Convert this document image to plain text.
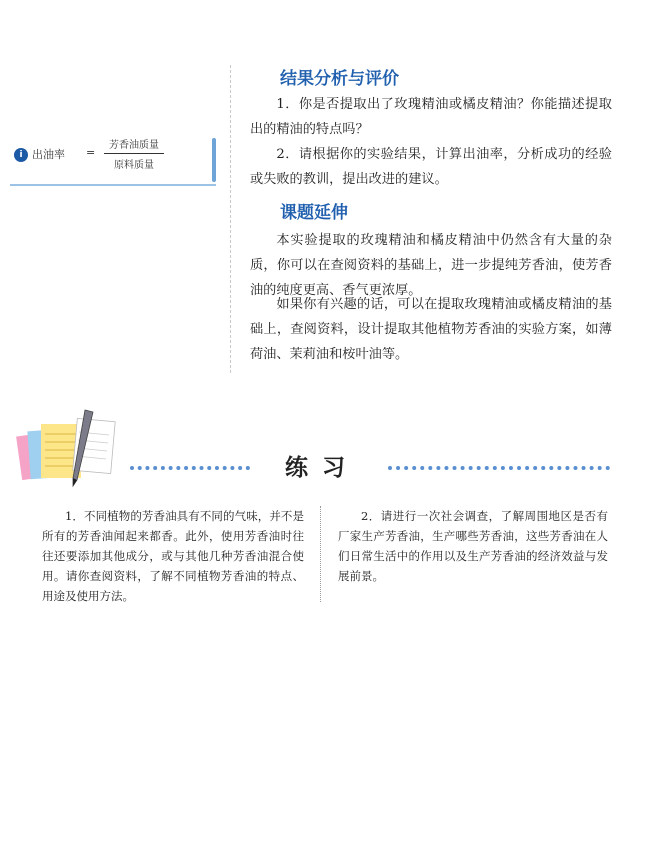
i 出油率 =
芳香油质量
原料质量
结果分析与评价

1．你是否提取出了玫瑰精油或橘皮精油？你能描述提取出的精油的特点吗？

2．请根据你的实验结果，计算出油率，分析成功的经验或失败的教训，提出改进的建议。

课题延伸

本实验提取的玫瑰精油和橘皮精油中仍然含有大量的杂质，你可以在查阅资料的基础上，进一步提纯芳香油，使芳香油的纯度更高、香气更浓厚。

如果你有兴趣的话，可以在提取玫瑰精油或橘皮精油的基础上，查阅资料，设计提取其他植物芳香油的实验方案，如薄荷油、茉莉油和桉叶油等。

练习

1．不同植物的芳香油具有不同的气味，并不是所有的芳香油闻起来都香。此外，使用芳香油时往往还要添加其他成分，或与其他几种芳香油混合使用。请你查阅资料，了解不同植物芳香油的特点、用途及使用方法。

2．请进行一次社会调查，了解周围地区是否有厂家生产芳香油，生产哪些芳香油，这些芳香油在人们日常生活中的作用以及生产芳香油的经济效益与发展前景。
